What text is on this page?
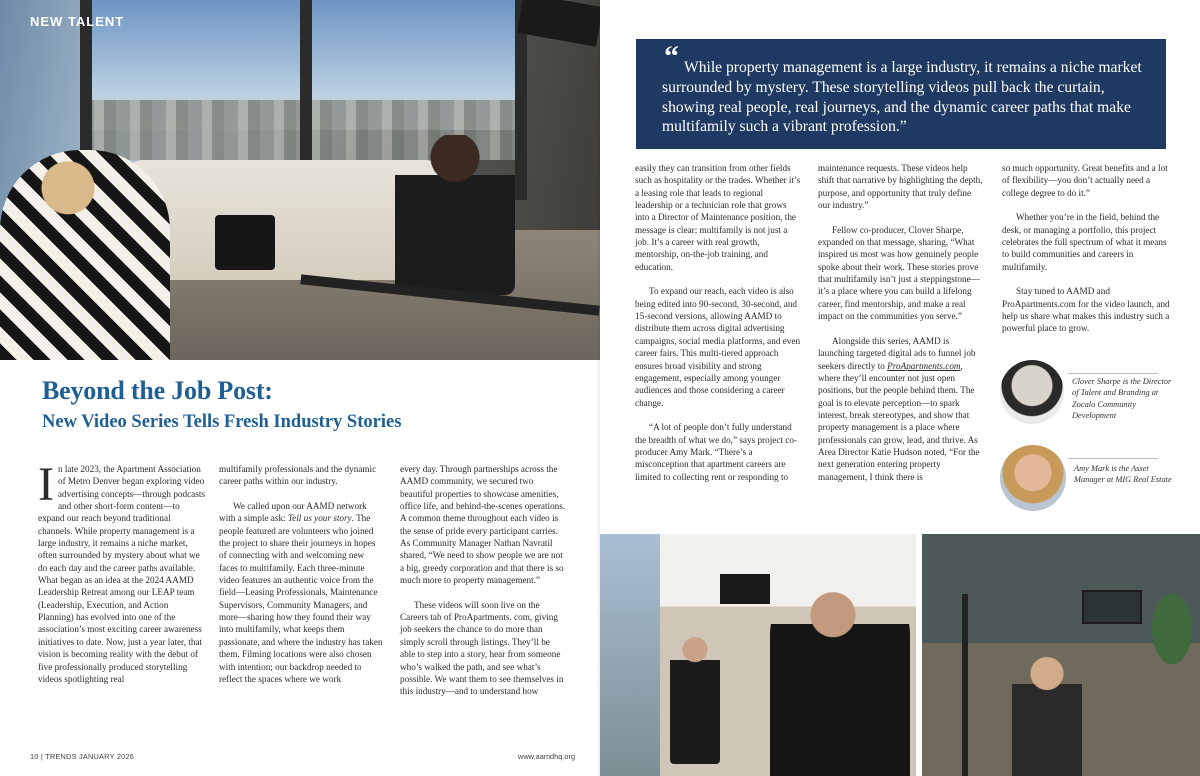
NEW TALENT
Beyond the Job Post:
New Video Series Tells Fresh Industry Stories

In late 2023, the Apartment Association of Metro Denver began exploring video advertising concepts—through podcasts and other short-form content—to expand our reach beyond traditional channels. While property management is a large industry, it remains a niche market, often surrounded by mystery about what we do each day and the career paths available. What began as an idea at the 2024 AAMD Leadership Retreat among our LEAP team (Leadership, Execution, and Action Planning) has evolved into one of the association’s most exciting career awareness initiatives to date. Now, just a year later, that vision is becoming reality with the debut of five professionally produced storytelling videos spotlighting real

multifamily professionals and the dynamic career paths within our industry.

We called upon our AAMD network with a simple ask: Tell us your story. The people featured are volunteers who joined the project to share their journeys in hopes of connecting with and welcoming new faces to multifamily. Each three-minute video features an authentic voice from the field—Leasing Professionals, Maintenance Supervisors, Community Managers, and more—sharing how they found their way into multifamily, what keeps them passionate, and where the industry has taken them. Filming locations were also chosen with intention; our backdrop needed to reflect the spaces where we work

every day. Through partnerships across the AAMD community, we secured two beautiful properties to showcase amenities, office life, and behind-the-scenes operations. A common theme throughout each video is the sense of pride every participant carries. As Community Manager Nathan Navratil shared, “We need to show people we are not a big, greedy corporation and that there is so much more to property management.”

These videos will soon live on the Careers tab of ProApartments. com, giving job seekers the chance to do more than simply scroll through listings. They’ll be able to step into a story, hear from someone who’s walked the path, and see what’s possible. We want them to see themselves in this industry—and to understand how

10 | TRENDS JANUARY 2026	www.aamdhq.org
“ While property management is a large industry, it remains a niche market surrounded by mystery. These storytelling videos pull back the curtain, showing real people, real journeys, and the dynamic career paths that make multifamily such a vibrant profession.”

easily they can transition from other fields such as hospitality or the trades. Whether it’s a leasing role that leads to regional leadership or a technician role that grows into a Director of Maintenance position, the message is clear: multifamily is not just a job. It’s a career with real growth, mentorship, on-the-job training, and education.

To expand our reach, each video is also being edited into 90-second, 30-second, and 15-second versions, allowing AAMD to distribute them across digital advertising campaigns, social media platforms, and even career fairs. This multi-tiered approach ensures broad visibility and strong engagement, especially among younger audiences and those considering a career change.

“A lot of people don’t fully understand the breadth of what we do,” says project co-producer Amy Mark. “There’s a misconception that apartment careers are limited to collecting rent or responding to

maintenance requests. These videos help shift that narrative by highlighting the depth, purpose, and opportunity that truly define our industry.”

Fellow co-producer, Clover Sharpe, expanded on that message, sharing, “What inspired us most was how genuinely people spoke about their work. These stories prove that multifamily isn’t just a steppingstone—it’s a place where you can build a lifelong career, find mentorship, and make a real impact on the communities you serve.”

Alongside this series, AAMD is launching targeted digital ads to funnel job seekers directly to ProApartments.com, where they’ll encounter not just open positions, but the people behind them. The goal is to elevate perception—to spark interest, break stereotypes, and show that property management is a place where professionals can grow, lead, and thrive. As Area Director Katie Hudson noted, “For the next generation entering property management, I think there is

so much opportunity. Great benefits and a lot of flexibility—you don’t actually need a college degree to do it.”

Whether you’re in the field, behind the desk, or managing a portfolio, this project celebrates the full spectrum of what it means to build communities and careers in multifamily.

Stay tuned to AAMD and ProApartments.com for the video launch, and help us share what makes this industry such a powerful place to grow.

Clover Sharpe is the Director of Talent and Branding at Zocalo Community Development
Amy Mark is the Asset Manager at MIG Real Estate
